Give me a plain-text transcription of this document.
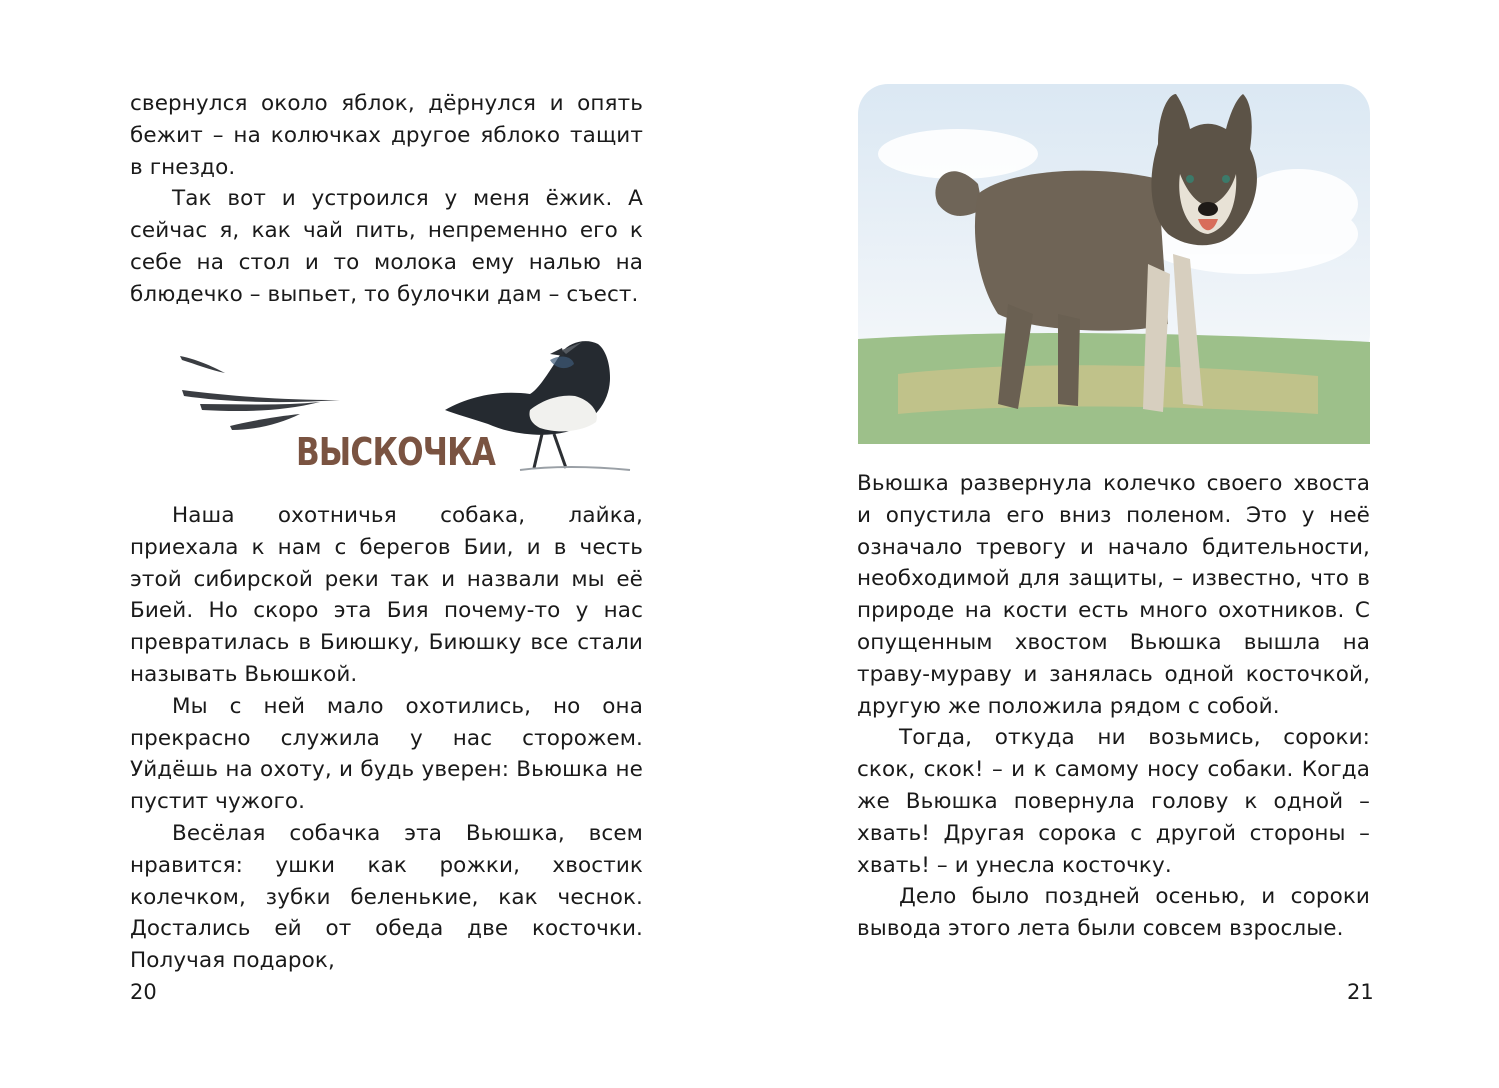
свернулся около яблок, дёрнулся и опять бежит – на колючках другое яблоко тащит в гнездо.

Так вот и устроился у меня ёжик. А сейчас я, как чай пить, непременно его к себе на стол и то молока ему налью на блюдечко – выпьет, то булочки дам – съест.

ВЫСКОЧКА

Наша охотничья собака, лайка, приехала к нам с берегов Бии, и в честь этой сибирской реки так и назвали мы её Бией. Но скоро эта Бия почему-то у нас превратилась в Биюшку, Биюшку все стали называть Вьюшкой.

Мы с ней мало охотились, но она прекрасно служила у нас сторожем. Уйдёшь на охоту, и будь уверен: Вьюшка не пустит чужого.

Весёлая собачка эта Вьюшка, всем нравится: ушки как рожки, хвостик колечком, зубки беленькие, как чеснок. Достались ей от обеда две косточки. Получая подарок,

20

Вьюшка развернула колечко своего хвоста и опустила его вниз поленом. Это у неё означало тревогу и начало бдительности, необходимой для защиты, – известно, что в природе на кости есть много охотников. С опущенным хвостом Вьюшка вышла на траву-мураву и занялась одной косточкой, другую же положила рядом с собой.

Тогда, откуда ни возьмись, сороки: скок, скок! – и к самому носу собаки. Когда же Вьюшка повернула голову к одной – хвать! Другая сорока с другой стороны – хвать! – и унесла косточку.

Дело было поздней осенью, и сороки вывода этого лета были совсем взрослые.

21
